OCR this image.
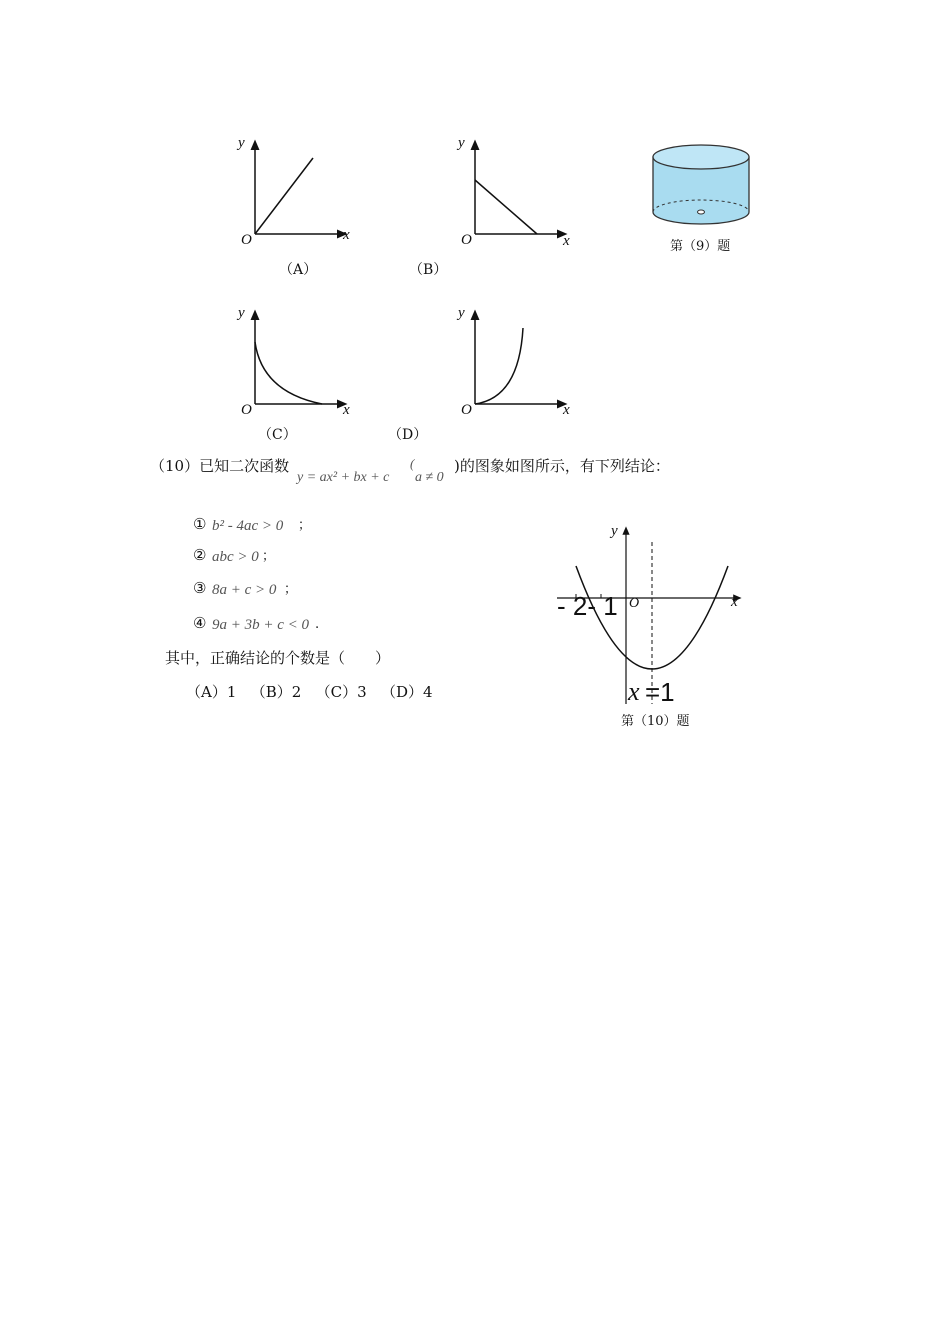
y
x
O
（A）
y
x
O
（B）
第（9）题
y
x
O
（C）
y
x
O
（D）
（10）已知二次函数
y = ax² + bx + c
(
a ≠ 0
)的图象如图所示，有下列结论：
① b² - 4ac > 0 ；
② abc > 0 ；
③ 8a + c > 0 ；
④ 9a + 3b + c < 0 .
其中，正确结论的个数是（　　）
（A）1 （B）2 （C）3 （D）4
y
x
O
- 2- 1
x =1
第（10）题
